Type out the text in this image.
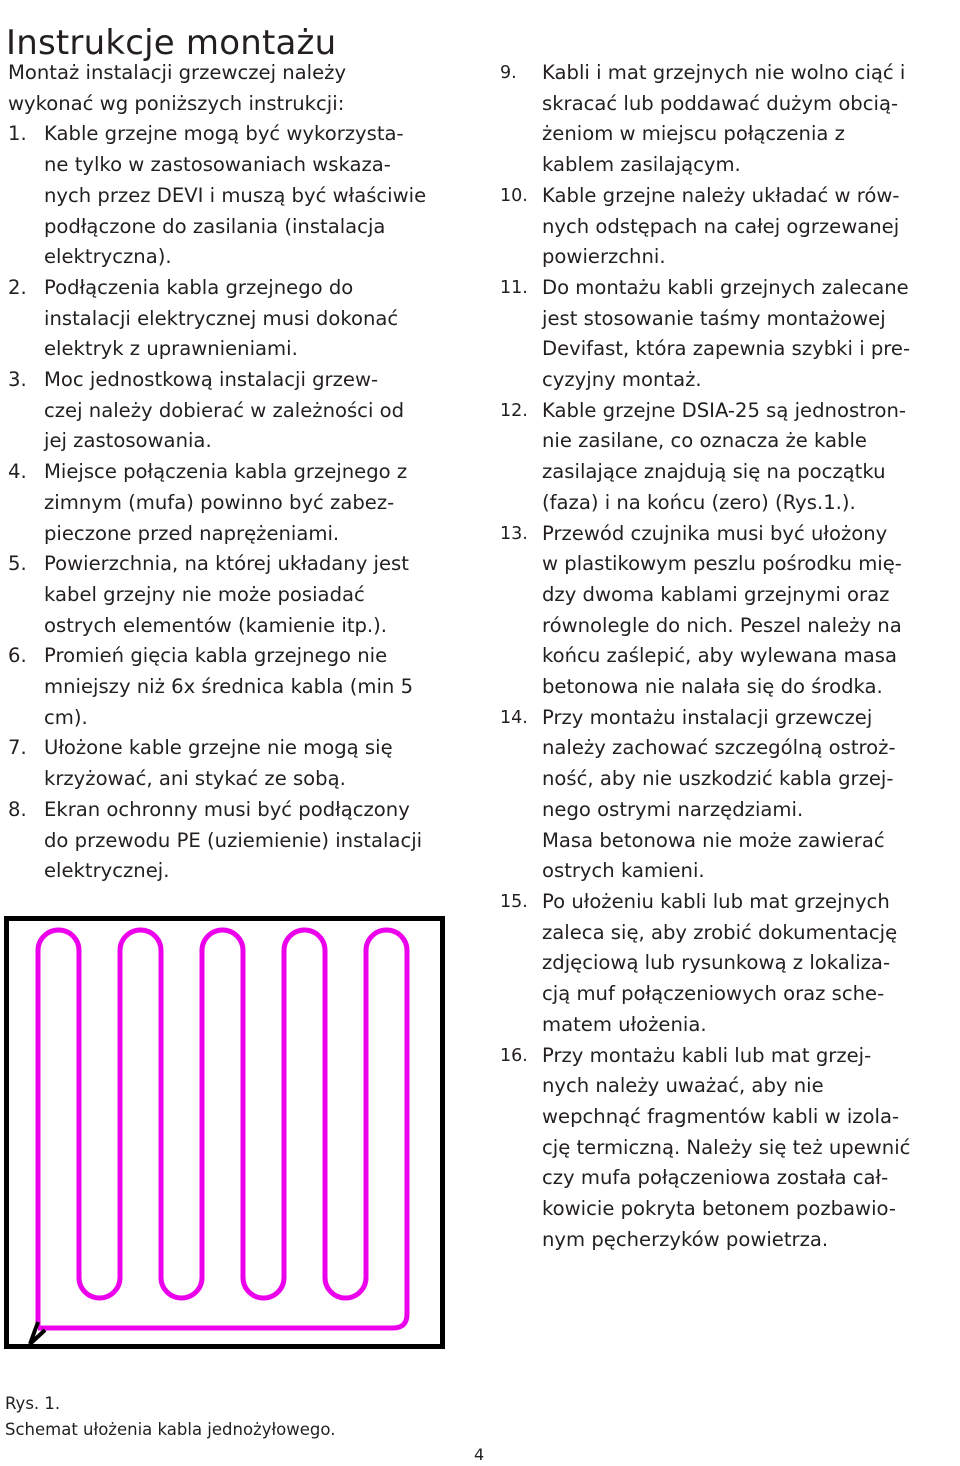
Instrukcje montażu

Montaż instalacji grzewczej należy
wykonać wg poniższych instrukcji:

1. Kable grzejne mogą być wykorzysta-
ne tylko w zastosowaniach wskaza-
nych przez DEVI i muszą być właściwie
podłączone do zasilania (instalacja
elektryczna).
2. Podłączenia kabla grzejnego do
instalacji elektrycznej musi dokonać
elektryk z uprawnieniami.
3. Moc jednostkową instalacji grzew-
czej należy dobierać w zależności od
jej zastosowania.
4. Miejsce połączenia kabla grzejnego z
zimnym (mufa) powinno być zabez-
pieczone przed naprężeniami.
5. Powierzchnia, na której układany jest
kabel grzejny nie może posiadać
ostrych elementów (kamienie itp.).
6. Promień gięcia kabla grzejnego nie
mniejszy niż 6x średnica kabla (min 5
cm).
7. Ułożone kable grzejne nie mogą się
krzyżować, ani stykać ze sobą.
8. Ekran ochronny musi być podłączony
do przewodu PE (uziemienie) instalacji
elektrycznej.
9. Kabli i mat grzejnych nie wolno ciąć i
skracać lub poddawać dużym obcią-
żeniom w miejscu połączenia z
kablem zasilającym.
10. Kable grzejne należy układać w rów-
nych odstępach na całej ogrzewanej
powierzchni.
11. Do montażu kabli grzejnych zalecane
jest stosowanie taśmy montażowej
Devifast, która zapewnia szybki i pre-
cyzyjny montaż.
12. Kable grzejne DSIA-25 są jednostron-
nie zasilane, co oznacza że kable
zasilające znajdują się na początku
(faza) i na końcu (zero) (Rys.1.).
13. Przewód czujnika musi być ułożony
w plastikowym peszlu pośrodku mię-
dzy dwoma kablami grzejnymi oraz
równolegle do nich. Peszel należy na
końcu zaślepić, aby wylewana masa
betonowa nie nalała się do środka.
14. Przy montażu instalacji grzewczej
należy zachować szczególną ostroż-
ność, aby nie uszkodzić kabla grzej-
nego ostrymi narzędziami.
Masa betonowa nie może zawierać
ostrych kamieni.
15. Po ułożeniu kabli lub mat grzejnych
zaleca się, aby zrobić dokumentację
zdjęciową lub rysunkową z lokaliza-
cją muf połączeniowych oraz sche-
matem ułożenia.
16. Przy montażu kabli lub mat grzej-
nych należy uważać, aby nie
wepchnąć fragmentów kabli w izola-
cję termiczną. Należy się też upewnić
czy mufa połączeniowa została cał-
kowicie pokryta betonem pozbawio-
nym pęcherzyków powietrza.
Rys. 1.
Schemat ułożenia kabla jednożyłowego.
4
